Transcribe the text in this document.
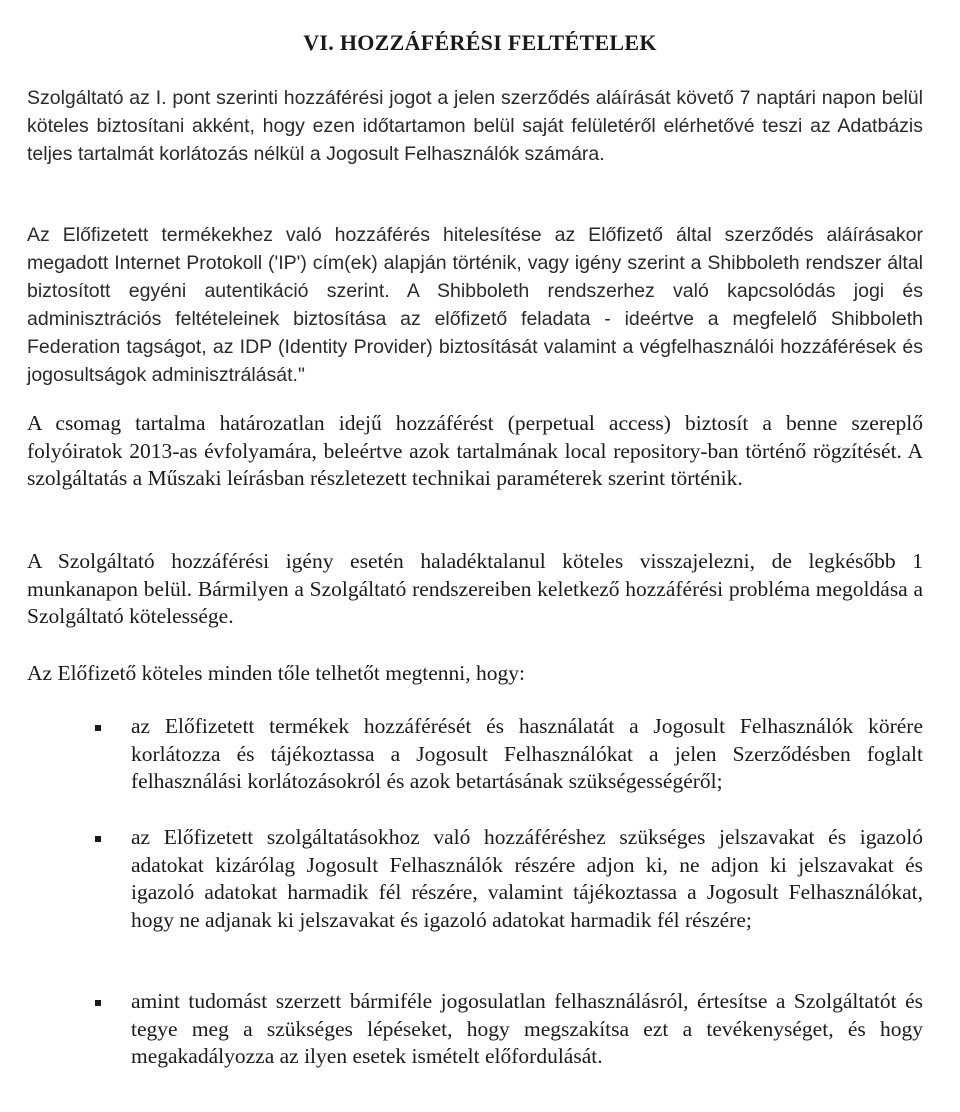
VI. HOZZÁFÉRÉSI FELTÉTELEK

Szolgáltató az I. pont szerinti hozzáférési jogot a jelen szerződés aláírását követő 7 naptári napon belül köteles biztosítani akként, hogy ezen időtartamon belül saját felületéről elérhetővé teszi az Adatbázis teljes tartalmát korlátozás nélkül a Jogosult Felhasználók számára.

Az Előfizetett termékekhez való hozzáférés hitelesítése az Előfizető által szerződés aláírásakor megadott Internet Protokoll ('IP') cím(ek) alapján történik, vagy igény szerint a Shibboleth rendszer által biztosított egyéni autentikáció szerint. A Shibboleth rendszerhez való kapcsolódás jogi és adminisztrációs feltételeinek biztosítása az előfizető feladata - ideértve a megfelelő Shibboleth Federation tagságot, az IDP (Identity Provider) biztosítását valamint a végfelhasználói hozzáférések és jogosultságok adminisztrálását."

A csomag tartalma határozatlan idejű hozzáférést (perpetual access) biztosít a benne szereplő folyóiratok 2013-as évfolyamára, beleértve azok tartalmának local repository-ban történő rögzítését. A szolgáltatás a Műszaki leírásban részletezett technikai paraméterek szerint történik.

A Szolgáltató hozzáférési igény esetén haladéktalanul köteles visszajelezni, de legkésőbb 1 munkanapon belül. Bármilyen a Szolgáltató rendszereiben keletkező hozzáférési probléma megoldása a Szolgáltató kötelessége.

Az Előfizető köteles minden tőle telhetőt megtenni, hogy:

az Előfizetett termékek hozzáférését és használatát a Jogosult Felhasználók körére korlátozza és tájékoztassa a Jogosult Felhasználókat a jelen Szerződésben foglalt felhasználási korlátozásokról és azok betartásának szükségességéről;

az Előfizetett szolgáltatásokhoz való hozzáféréshez szükséges jelszavakat és igazoló adatokat kizárólag Jogosult Felhasználók részére adjon ki, ne adjon ki jelszavakat és igazoló adatokat harmadik fél részére, valamint tájékoztassa a Jogosult Felhasználókat, hogy ne adjanak ki jelszavakat és igazoló adatokat harmadik fél részére;

amint tudomást szerzett bármiféle jogosulatlan felhasználásról, értesítse a Szolgáltatót és tegye meg a szükséges lépéseket, hogy megszakítsa ezt a tevékenységet, és hogy megakadályozza az ilyen esetek ismételt előfordulását.
